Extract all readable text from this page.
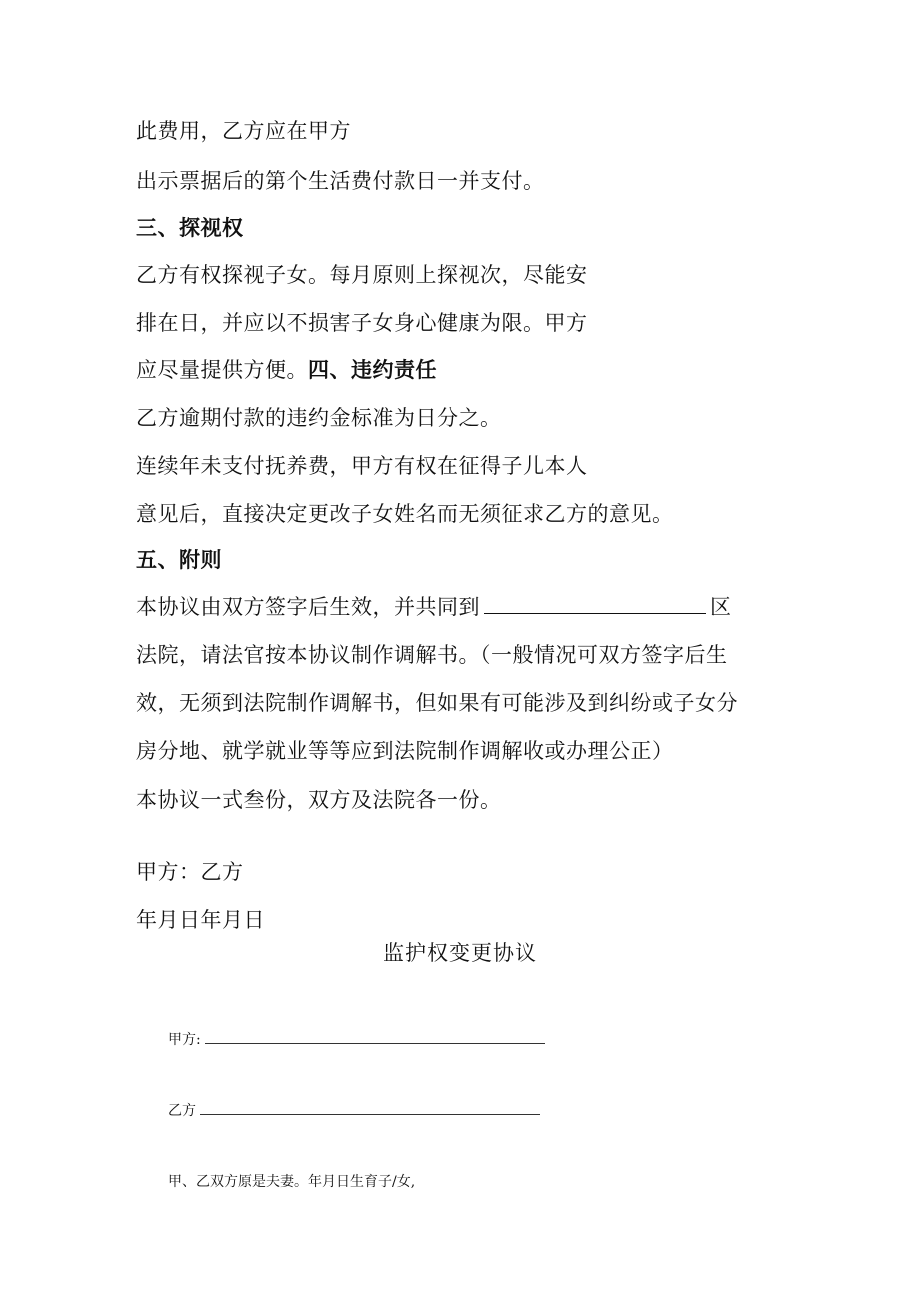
此费用，乙方应在甲方
出示票据后的第个生活费付款日一并支付。
三、探视权
乙方有权探视子女。每月原则上探视次，尽能安
排在日，并应以不损害子女身心健康为限。甲方
应尽量提供方便。四、违约责任
乙方逾期付款的违约金标准为日分之。
连续年未支付抚养费，甲方有权在征得子儿本人
意见后，直接决定更改子女姓名而无须征求乙方的意见。
五、附则
本协议由双方签字后生效，并共同到	区
法院，请法官按本协议制作调解书。（一般情况可双方签字后生
效，无须到法院制作调解书，但如果有可能涉及到纠纷或子女分
房分地、就学就业等等应到法院制作调解收或办理公正）
本协议一式叁份，双方及法院各一份。
甲方：乙方
年月日年月日
监护权变更协议
甲方:
乙方
甲、乙双方原是夫妻。年月日生育子/女,
